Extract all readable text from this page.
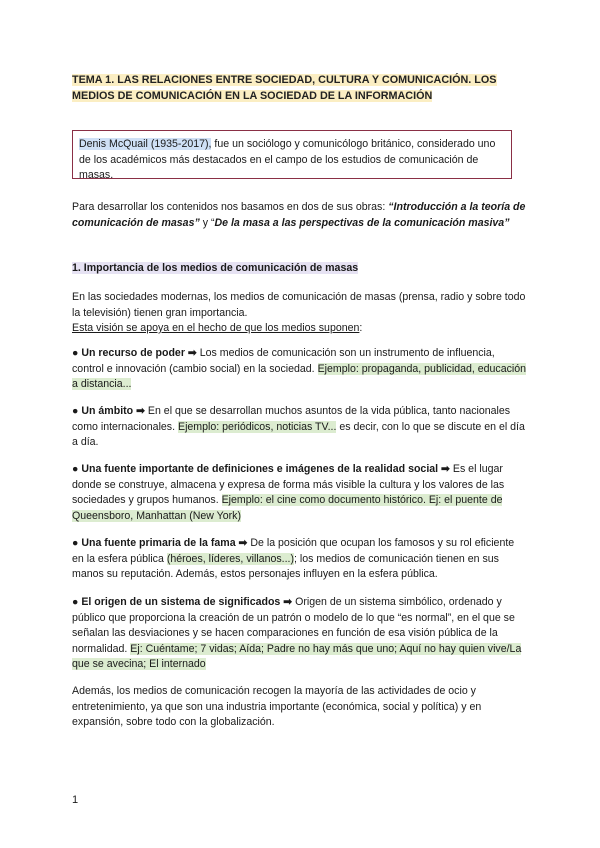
TEMA 1. LAS RELACIONES ENTRE SOCIEDAD, CULTURA Y COMUNICACIÓN. LOS MEDIOS DE COMUNICACIÓN EN LA SOCIEDAD DE LA INFORMACIÓN
Denis McQuail (1935-2017), fue un sociólogo y comunicólogo británico, considerado uno de los académicos más destacados en el campo de los estudios de comunicación de masas.
Para desarrollar los contenidos nos basamos en dos de sus obras: “Introducción a la teoría de comunicación de masas” y “De la masa a las perspectivas de la comunicación masiva”
1. Importancia de los medios de comunicación de masas
En las sociedades modernas, los medios de comunicación de masas (prensa, radio y sobre todo la televisión) tienen gran importancia.
Esta visión se apoya en el hecho de que los medios suponen:
● Un recurso de poder ➡ Los medios de comunicación son un instrumento de influencia, control e innovación (cambio social) en la sociedad. Ejemplo: propaganda, publicidad, educación a distancia...
● Un ámbito ➡ En el que se desarrollan muchos asuntos de la vida pública, tanto nacionales como internacionales. Ejemplo: periódicos, noticias TV... es decir, con lo que se discute en el día a día.
● Una fuente importante de definiciones e imágenes de la realidad social ➡ Es el lugar donde se construye, almacena y expresa de forma más visible la cultura y los valores de las sociedades y grupos humanos. Ejemplo: el cine como documento histórico. Ej: el puente de Queensboro, Manhattan (New York)
● Una fuente primaria de la fama ➡ De la posición que ocupan los famosos y su rol eficiente en la esfera pública (héroes, líderes, villanos...); los medios de comunicación tienen en sus manos su reputación. Además, estos personajes influyen en la esfera pública.
● El origen de un sistema de significados ➡ Origen de un sistema simbólico, ordenado y público que proporciona la creación de un patrón o modelo de lo que “es normal”, en el que se señalan las desviaciones y se hacen comparaciones en función de esa visión pública de la normalidad. Ej: Cuéntame; 7 vidas; Aída; Padre no hay más que uno; Aquí no hay quien vive/La que se avecina; El internado
Además, los medios de comunicación recogen la mayoría de las actividades de ocio y entretenimiento, ya que son una industria importante (económica, social y política) y en expansión, sobre todo con la globalización.
1
